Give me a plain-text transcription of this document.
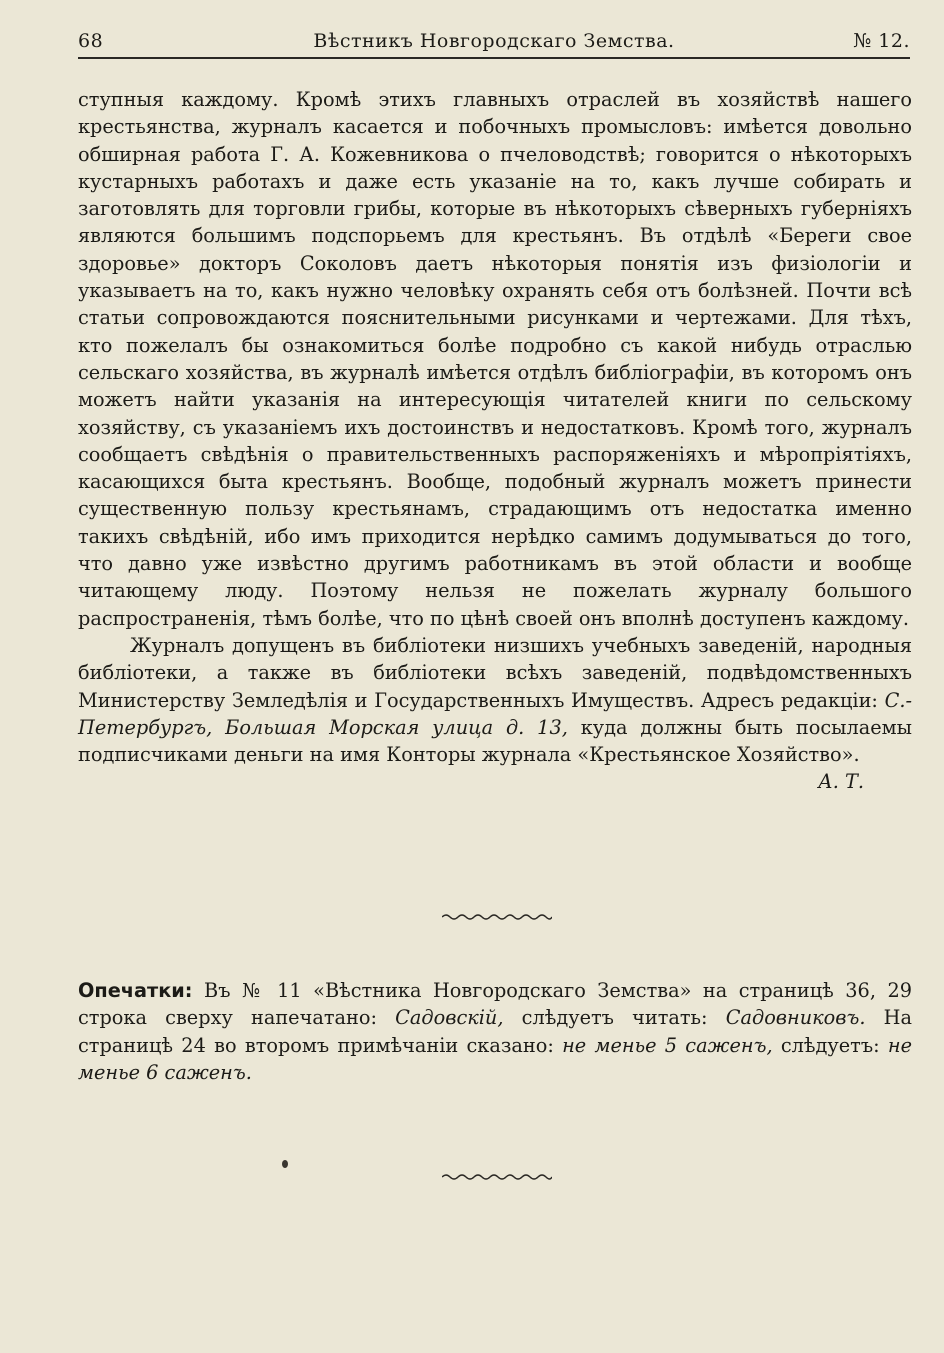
68	Вѣстникъ Новгородскаго Земства.	№ 12.

ступныя каждому. Кромѣ этихъ главныхъ отраслей въ хозяйствѣ нашего крестьянства, журналъ касается и побочныхъ промысловъ: имѣется довольно обширная работа Г. А. Кожевникова о пчеловодствѣ; говорится о нѣкоторыхъ кустарныхъ работахъ и даже есть указаніе на то, какъ лучше собирать и заготовлять для торговли грибы, которые въ нѣкоторыхъ сѣверныхъ губерніяхъ являются большимъ подспорьемъ для крестьянъ. Въ отдѣлѣ «Береги свое здоровье» докторъ Соколовъ даетъ нѣкоторыя понятія изъ физіологіи и указываетъ на то, какъ нужно человѣку охранять себя отъ болѣзней. Почти всѣ статьи сопровождаются пояснительными рисунками и чертежами. Для тѣхъ, кто пожелалъ бы ознакомиться болѣе подробно съ какой нибудь отраслью сельскаго хозяйства, въ журналѣ имѣется отдѣлъ библіографіи, въ которомъ онъ можетъ найти указанія на интересующія читателей книги по сельскому хозяйству, съ указаніемъ ихъ достоинствъ и недостатковъ. Кромѣ того, журналъ сообщаетъ свѣдѣнія о правительственныхъ распоряженіяхъ и мѣропріятіяхъ, касающихся быта крестьянъ. Вообще, подобный журналъ можетъ принести существенную пользу крестьянамъ, страдающимъ отъ недостатка именно такихъ свѣдѣній, ибо имъ приходится нерѣдко самимъ додумываться до того, что давно уже извѣстно другимъ работникамъ въ этой области и вообще читающему люду. Поэтому нельзя не пожелать журналу большого распространенія, тѣмъ болѣе, что по цѣнѣ своей онъ вполнѣ доступенъ каждому.

Журналъ допущенъ въ библіотеки низшихъ учебныхъ заведеній, народныя библіотеки, а также въ библіотеки всѣхъ заведеній, подвѣдомственныхъ Министерству Земледѣлія и Государственныхъ Имуществъ. Адресъ редакціи: С.-Петербургъ, Большая Морская улица д. 13, куда должны быть посылаемы подписчиками деньги на имя Конторы журнала «Крестьянское Хозяйство».

А. Т.

Опечатки: Въ № 11 «Вѣстника Новгородскаго Земства» на страницѣ 36, 29 строка сверху напечатано: Садовскій, слѣдуетъ читать: Садовниковъ. На страницѣ 24 во второмъ примѣчаніи сказано: не менье 5 саженъ, слѣдуетъ: не менье 6 саженъ.
